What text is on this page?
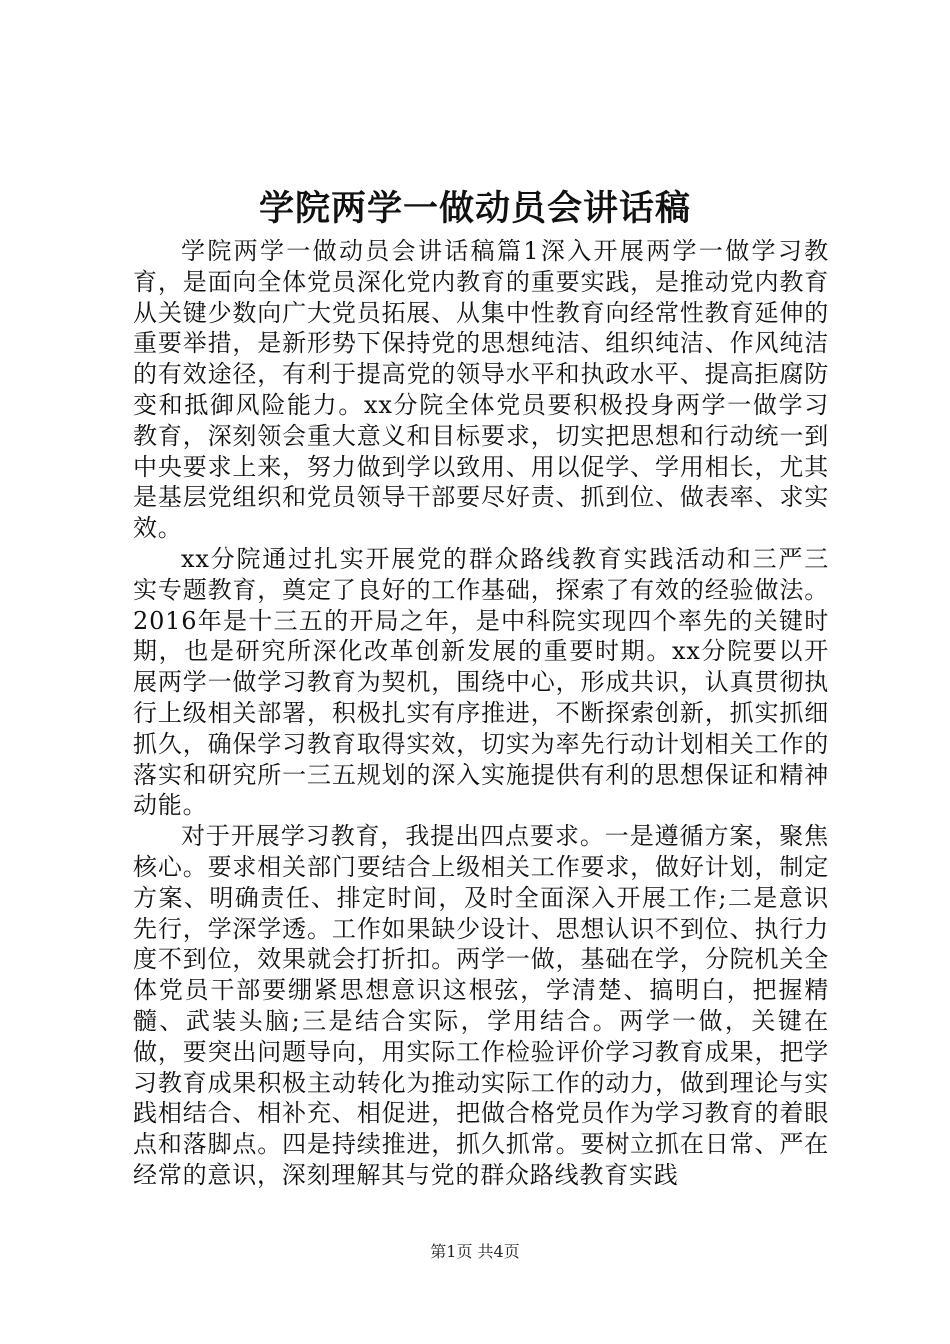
学院两学一做动员会讲话稿

学院两学一做动员会讲话稿篇1深入开展两学一做学习教育，是面向全体党员深化党内教育的重要实践，是推动党内教育从关键少数向广大党员拓展、从集中性教育向经常性教育延伸的重要举措，是新形势下保持党的思想纯洁、组织纯洁、作风纯洁的有效途径，有利于提高党的领导水平和执政水平、提高拒腐防变和抵御风险能力。xx分院全体党员要积极投身两学一做学习教育，深刻领会重大意义和目标要求，切实把思想和行动统一到中央要求上来，努力做到学以致用、用以促学、学用相长，尤其是基层党组织和党员领导干部要尽好责、抓到位、做表率、求实效。

xx分院通过扎实开展党的群众路线教育实践活动和三严三实专题教育，奠定了良好的工作基础，探索了有效的经验做法。2016年是十三五的开局之年，是中科院实现四个率先的关键时期，也是研究所深化改革创新发展的重要时期。xx分院要以开展两学一做学习教育为契机，围绕中心，形成共识，认真贯彻执行上级相关部署，积极扎实有序推进，不断探索创新，抓实抓细抓久，确保学习教育取得实效，切实为率先行动计划相关工作的落实和研究所一三五规划的深入实施提供有利的思想保证和精神动能。

对于开展学习教育，我提出四点要求。一是遵循方案，聚焦核心。要求相关部门要结合上级相关工作要求，做好计划，制定方案、明确责任、排定时间，及时全面深入开展工作;二是意识先行，学深学透。工作如果缺少设计、思想认识不到位、执行力度不到位，效果就会打折扣。两学一做，基础在学，分院机关全体党员干部要绷紧思想意识这根弦，学清楚、搞明白，把握精髓、武装头脑;三是结合实际，学用结合。两学一做，关键在做，要突出问题导向，用实际工作检验评价学习教育成果，把学习教育成果积极主动转化为推动实际工作的动力，做到理论与实践相结合、相补充、相促进，把做合格党员作为学习教育的着眼点和落脚点。四是持续推进，抓久抓常。要树立抓在日常、严在经常的意识，深刻理解其与党的群众路线教育实践

第1页 共4页
